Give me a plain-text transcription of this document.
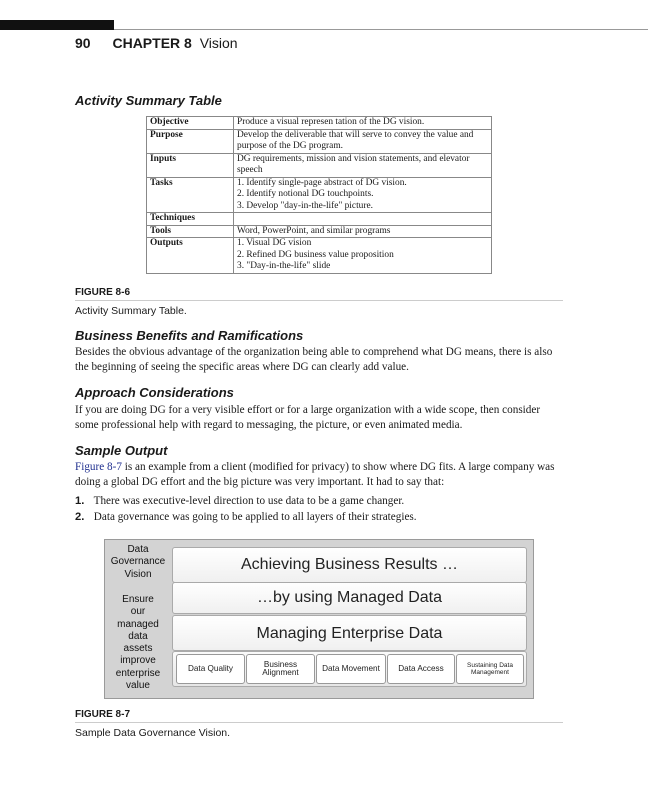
90 CHAPTER 8 Vision
Activity Summary Table
Objective	Produce a visual represen tation of the DG vision.
Purpose	Develop the deliverable that will serve to convey the value and purpose of the DG program.
Inputs	DG requirements, mission and vision statements, and elevator speech
Tasks	1. Identify single-page abstract of DG vision.
2. Identify notional DG touchpoints.
3. Develop "day-in-the-life" picture.

Techniques	
Tools	Word, PowerPoint, and similar programs
Outputs	1. Visual DG vision
2. Refined DG business value proposition
3. "Day-in-the-life" slide
FIGURE 8-6
Activity Summary Table.
Business Benefits and Ramifications
Besides the obvious advantage of the organization being able to comprehend what DG means, there is also the beginning of seeing the specific areas where DG can clearly add value.
Approach Considerations
If you are doing DG for a very visible effort or for a large organization with a wide scope, then consider some professional help with regard to messaging, the picture, or even animated media.
Sample Output
Figure 8-7 is an example from a client (modified for privacy) to show where DG fits. A large company was doing a global DG effort and the big picture was very important. It had to say that:
1. There was executive-level direction to use data to be a game changer.
2. Data governance was going to be applied to all layers of their strategies.
Data
Governance
Vision
Ensure
our
managed
data
assets
improve
enterprise
value
Achieving Business Results …
…by using Managed Data
Managing Enterprise Data
Data Quality	Business Alignment	Data Movement	Data Access	Sustaining Data Management
FIGURE 8-7
Sample Data Governance Vision.
